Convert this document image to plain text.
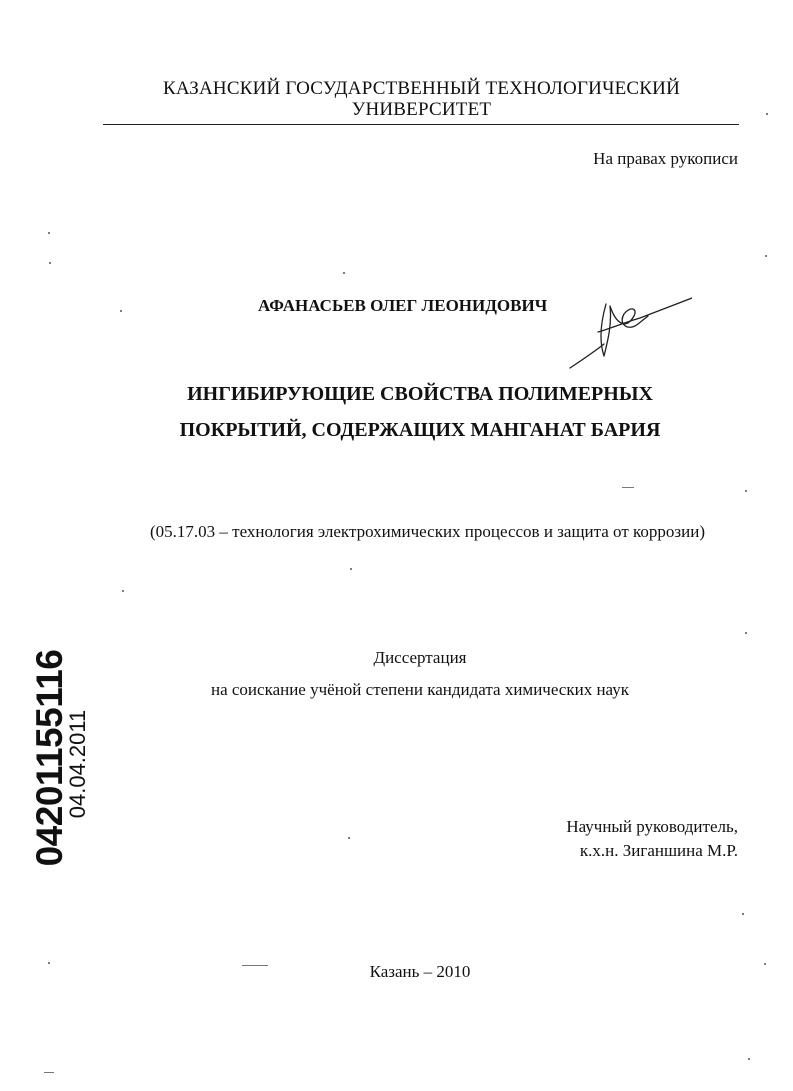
КАЗАНСКИЙ ГОСУДАРСТВЕННЫЙ ТЕХНОЛОГИЧЕСКИЙ
УНИВЕРСИТЕТ
На правах рукописи
АФАНАСЬЕВ ОЛЕГ ЛЕОНИДОВИЧ
ИНГИБИРУЮЩИЕ СВОЙСТВА ПОЛИМЕРНЫХ
ПОКРЫТИЙ, СОДЕРЖАЩИХ МАНГАНАТ БАРИЯ
(05.17.03 – технология электрохимических процессов и защита от коррозии)
Диссертация
на соискание учёной степени кандидата химических наук
Научный руководитель,
к.х.н. Зиганшина М.Р.
Казань – 2010
04201155116
04.04.2011
